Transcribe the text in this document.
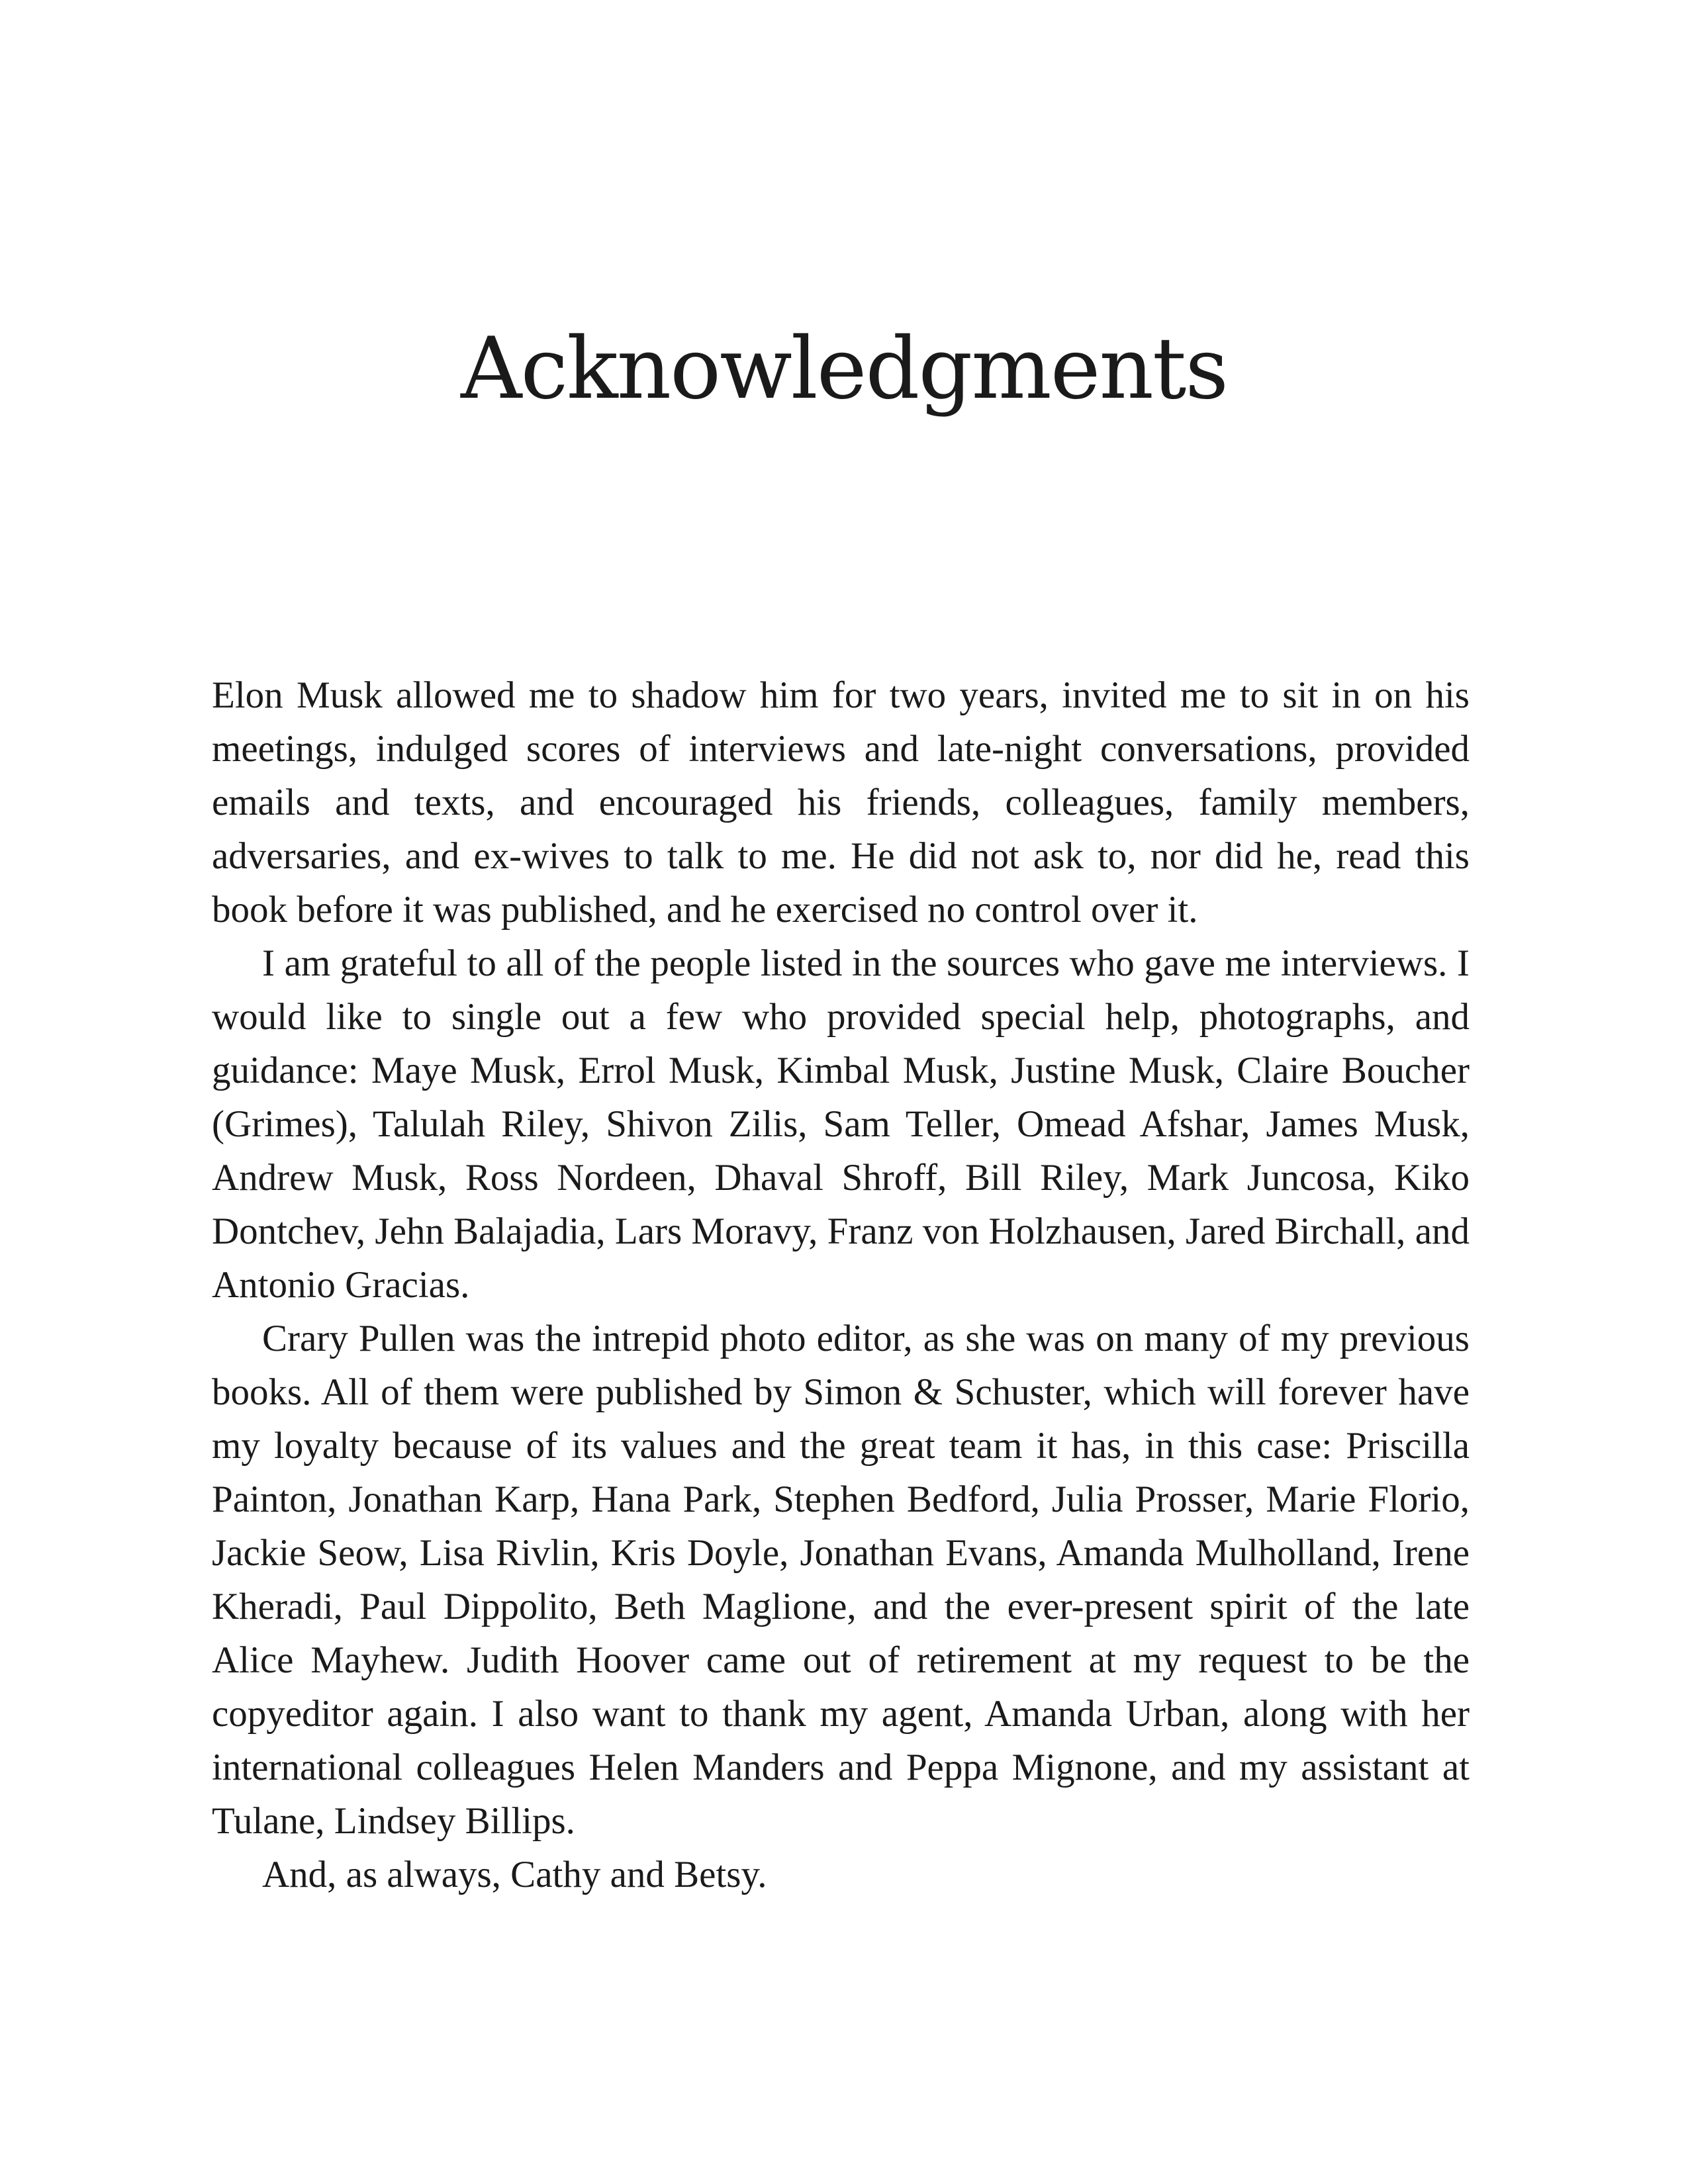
Acknowledgments

Elon Musk allowed me to shadow him for two years, invited me to sit in on his meetings, indulged scores of interviews and late-night conversations, provided emails and texts, and encouraged his friends, colleagues, family members, adversaries, and ex-wives to talk to me. He did not ask to, nor did he, read this book before it was published, and he exercised no control over it.

I am grateful to all of the people listed in the sources who gave me interviews. I would like to single out a few who provided special help, photographs, and guidance: Maye Musk, Errol Musk, Kimbal Musk, Justine Musk, Claire Boucher (Grimes), Talulah Riley, Shivon Zilis, Sam Teller, Omead Afshar, James Musk, Andrew Musk, Ross Nordeen, Dhaval Shroff, Bill Riley, Mark Juncosa, Kiko Dontchev, Jehn Balajadia, Lars Moravy, Franz von Holzhausen, Jared Birchall, and Antonio Gracias.

Crary Pullen was the intrepid photo editor, as she was on many of my previous books. All of them were published by Simon & Schuster, which will forever have my loyalty because of its values and the great team it has, in this case: Priscilla Painton, Jonathan Karp, Hana Park, Stephen Bedford, Julia Prosser, Marie Florio, Jackie Seow, Lisa Rivlin, Kris Doyle, Jonathan Evans, Amanda Mulholland, Irene Kheradi, Paul Dippolito, Beth Maglione, and the ever-present spirit of the late Alice Mayhew. Judith Hoover came out of retirement at my request to be the copyeditor again. I also want to thank my agent, Amanda Urban, along with her international colleagues Helen Manders and Peppa Mignone, and my assistant at Tulane, Lindsey Billips.

And, as always, Cathy and Betsy.
